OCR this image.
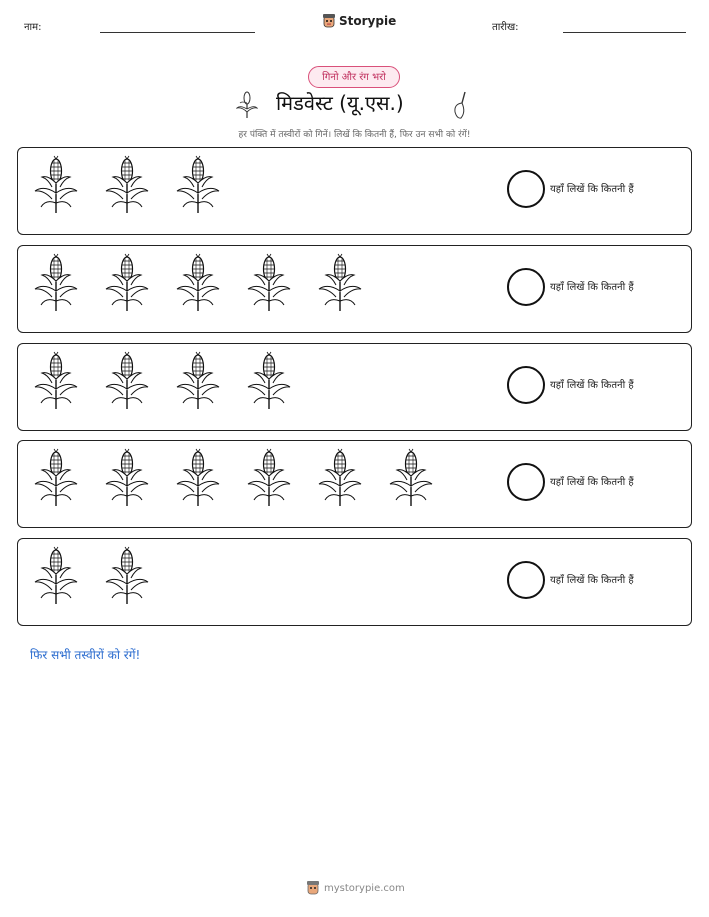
नाम:	Storypie	तारीख:
गिनो और रंग भरो
मिडवेस्ट (यू.एस.)
हर पंक्ति में तस्वीरों को गिनें। लिखें कि कितनी हैं, फिर उन सभी को रंगें!
यहाँ लिखें कि कितनी हैं
यहाँ लिखें कि कितनी हैं
यहाँ लिखें कि कितनी हैं
यहाँ लिखें कि कितनी हैं
यहाँ लिखें कि कितनी हैं
फिर सभी तस्वीरों को रंगें!
mystorypie.com
